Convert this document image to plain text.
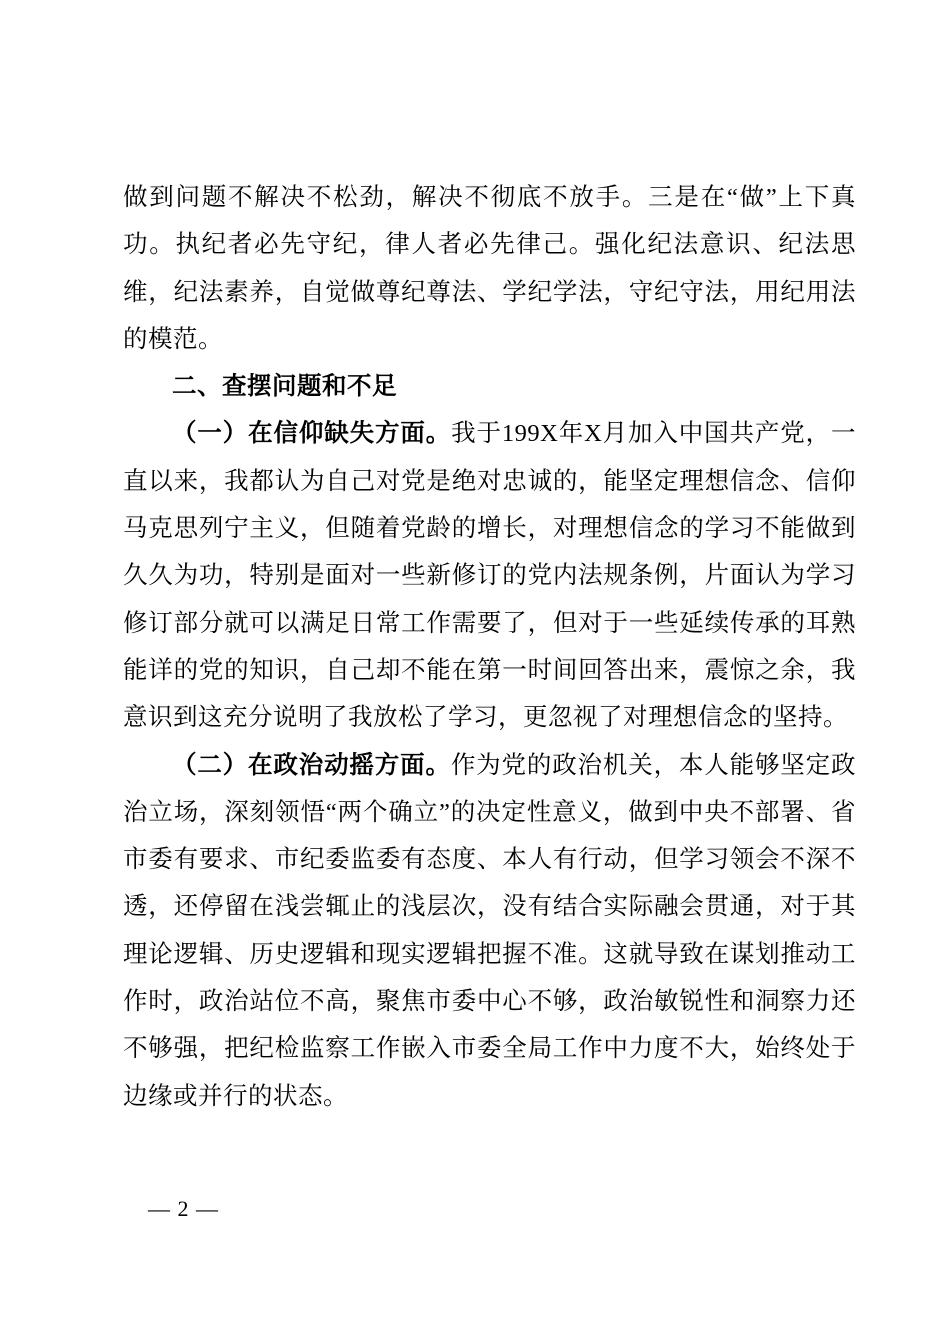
做到问题不解决不松劲，解决不彻底不放手。三是在“做”上下真功。执纪者必先守纪，律人者必先律己。强化纪法意识、纪法思维，纪法素养，自觉做尊纪尊法、学纪学法，守纪守法，用纪用法的模范。

二、查摆问题和不足

（一）在信仰缺失方面。我于199X年X月加入中国共产党，一直以来，我都认为自己对党是绝对忠诚的，能坚定理想信念、信仰马克思列宁主义，但随着党龄的增长，对理想信念的学习不能做到久久为功，特别是面对一些新修订的党内法规条例，片面认为学习修订部分就可以满足日常工作需要了，但对于一些延续传承的耳熟能详的党的知识，自己却不能在第一时间回答出来，震惊之余，我意识到这充分说明了我放松了学习，更忽视了对理想信念的坚持。

（二）在政治动摇方面。作为党的政治机关，本人能够坚定政治立场，深刻领悟“两个确立”的决定性意义，做到中央不部署、省市委有要求、市纪委监委有态度、本人有行动，但学习领会不深不透，还停留在浅尝辄止的浅层次，没有结合实际融会贯通，对于其理论逻辑、历史逻辑和现实逻辑把握不准。这就导致在谋划推动工作时，政治站位不高，聚焦市委中心不够，政治敏锐性和洞察力还不够强，把纪检监察工作嵌入市委全局工作中力度不大，始终处于边缘或并行的状态。

— 2 —
